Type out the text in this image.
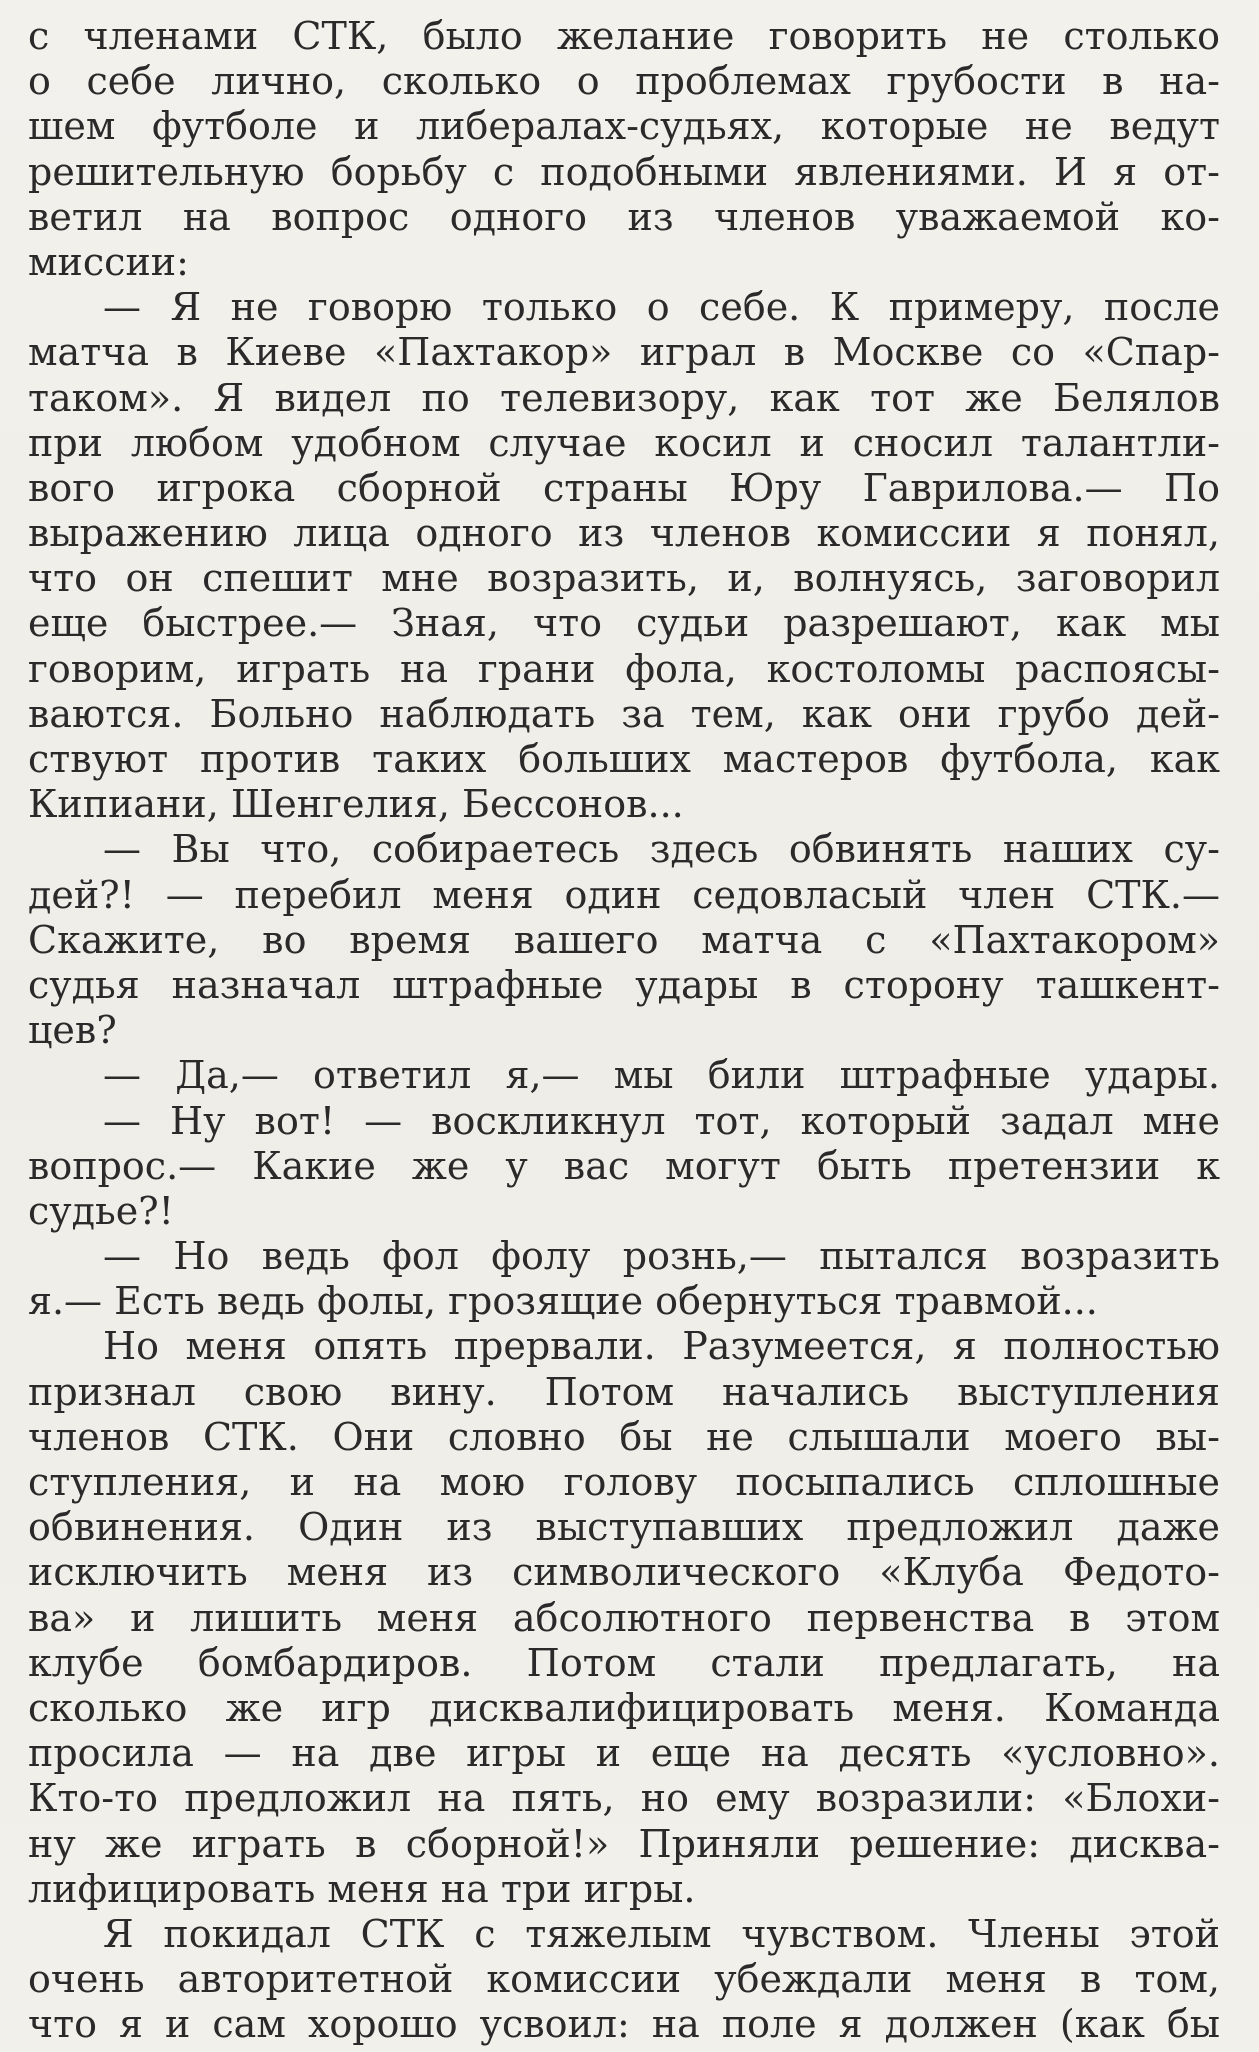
с членами СТК, было желание говорить не столько
о себе лично, сколько о проблемах грубости в на-
шем футболе и либералах-судьях, которые не ведут
решительную борьбу с подобными явлениями. И я от-
ветил на вопрос одного из членов уважаемой ко-
миссии:
— Я не говорю только о себе. К примеру, после
матча в Киеве «Пахтакор» играл в Москве со «Спар-
таком». Я видел по телевизору, как тот же Белялов
при любом удобном случае косил и сносил талантли-
вого игрока сборной страны Юру Гаврилова.— По
выражению лица одного из членов комиссии я понял,
что он спешит мне возразить, и, волнуясь, заговорил
еще быстрее.— Зная, что судьи разрешают, как мы
говорим, играть на грани фола, костоломы распоясы-
ваются. Больно наблюдать за тем, как они грубо дей-
ствуют против таких больших мастеров футбола, как
Кипиани, Шенгелия, Бессонов...
— Вы что, собираетесь здесь обвинять наших су-
дей?! — перебил меня один седовласый член СТК.—
Скажите, во время вашего матча с «Пахтакором»
судья назначал штрафные удары в сторону ташкент-
цев?
— Да,— ответил я,— мы били штрафные удары.
— Ну вот! — воскликнул тот, который задал мне
вопрос.— Какие же у вас могут быть претензии к
судье?!
— Но ведь фол фолу рознь,— пытался возразить
я.— Есть ведь фолы, грозящие обернуться травмой...
Но меня опять прервали. Разумеется, я полностью
признал свою вину. Потом начались выступления
членов СТК. Они словно бы не слышали моего вы-
ступления, и на мою голову посыпались сплошные
обвинения. Один из выступавших предложил даже
исключить меня из символического «Клуба Федото-
ва» и лишить меня абсолютного первенства в этом
клубе бомбардиров. Потом стали предлагать, на
сколько же игр дисквалифицировать меня. Команда
просила — на две игры и еще на десять «условно».
Кто-то предложил на пять, но ему возразили: «Блохи-
ну же играть в сборной!» Приняли решение: дисква-
лифицировать меня на три игры.
Я покидал СТК с тяжелым чувством. Члены этой
очень авторитетной комиссии убеждали меня в том,
что я и сам хорошо усвоил: на поле я должен (как бы
